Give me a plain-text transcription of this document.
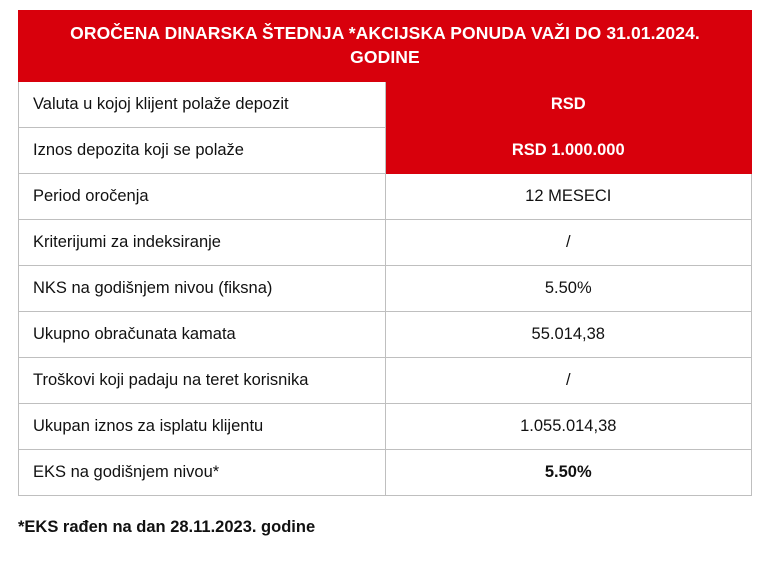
OROČENA DINARSKA ŠTEDNJA *AKCIJSKA PONUDA VAŽI DO 31.01.2024. GODINE	
Valuta u kojoj klijent polaže depozit	RSD
Iznos depozita koji se polaže	RSD 1.000.000
Period oročenja	12 MESECI
Kriterijumi za indeksiranje	/
NKS na godišnjem nivou (fiksna)	5.50%
Ukupno obračunata kamata	55.014,38
Troškovi koji padaju na teret korisnika	/
Ukupan iznos za isplatu klijentu	1.055.014,38
EKS na godišnjem nivou*	5.50%
*EKS rađen na dan 28.11.2023. godine
